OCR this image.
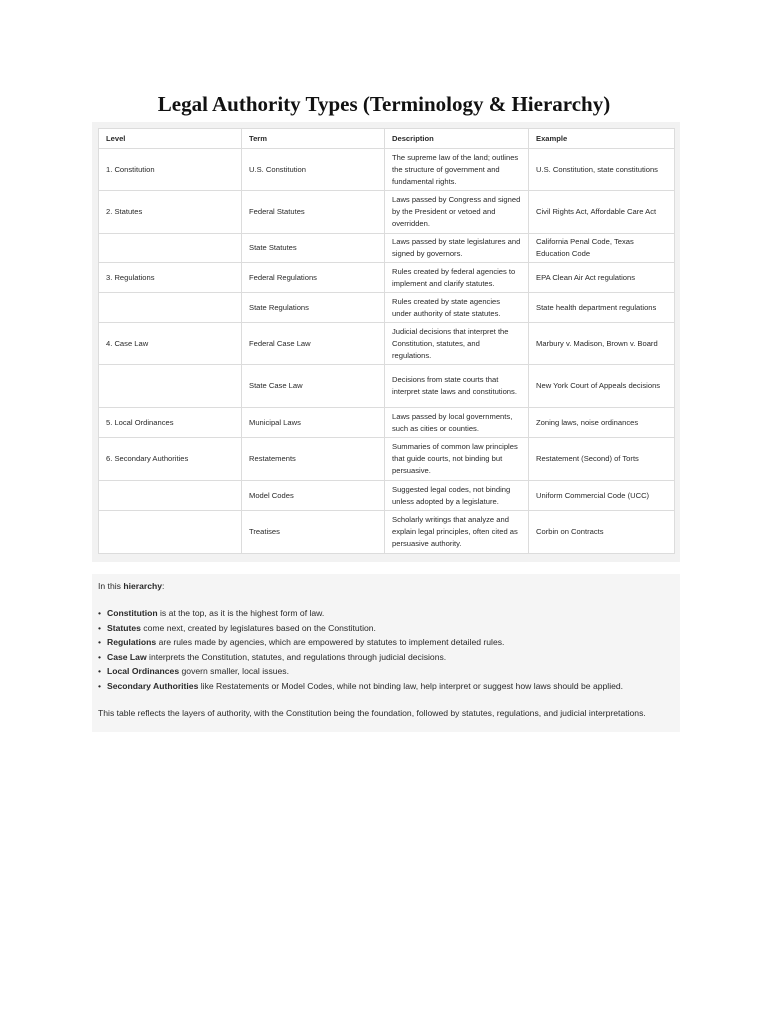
Legal Authority Types (Terminology & Hierarchy)
Level	Term	Description	Example
1. Constitution	U.S. Constitution	The supreme law of the land; outlines the structure of government and fundamental rights.	U.S. Constitution, state constitutions
2. Statutes	Federal Statutes	Laws passed by Congress and signed by the President or vetoed and overridden.	Civil Rights Act, Affordable Care Act
	State Statutes	Laws passed by state legislatures and signed by governors.	California Penal Code, Texas Education Code
3. Regulations	Federal Regulations	Rules created by federal agencies to implement and clarify statutes.	EPA Clean Air Act regulations
	State Regulations	Rules created by state agencies under authority of state statutes.	State health department regulations
4. Case Law	Federal Case Law	Judicial decisions that interpret the Constitution, statutes, and regulations.	Marbury v. Madison, Brown v. Board
	State Case Law	Decisions from state courts that interpret state laws and constitutions.	New York Court of Appeals decisions
5. Local Ordinances	Municipal Laws	Laws passed by local governments, such as cities or counties.	Zoning laws, noise ordinances
6. Secondary Authorities	Restatements	Summaries of common law principles that guide courts, not binding but persuasive.	Restatement (Second) of Torts
	Model Codes	Suggested legal codes, not binding unless adopted by a legislature.	Uniform Commercial Code (UCC)
	Treatises	Scholarly writings that analyze and explain legal principles, often cited as persuasive authority.	Corbin on Contracts

In this hierarchy:

• Constitution is at the top, as it is the highest form of law.
• Statutes come next, created by legislatures based on the Constitution.
• Regulations are rules made by agencies, which are empowered by statutes to implement detailed rules.
• Case Law interprets the Constitution, statutes, and regulations through judicial decisions.
• Local Ordinances govern smaller, local issues.
• Secondary Authorities like Restatements or Model Codes, while not binding law, help interpret or suggest how laws should be applied.

This table reflects the layers of authority, with the Constitution being the foundation, followed by statutes, regulations, and judicial interpretations.
